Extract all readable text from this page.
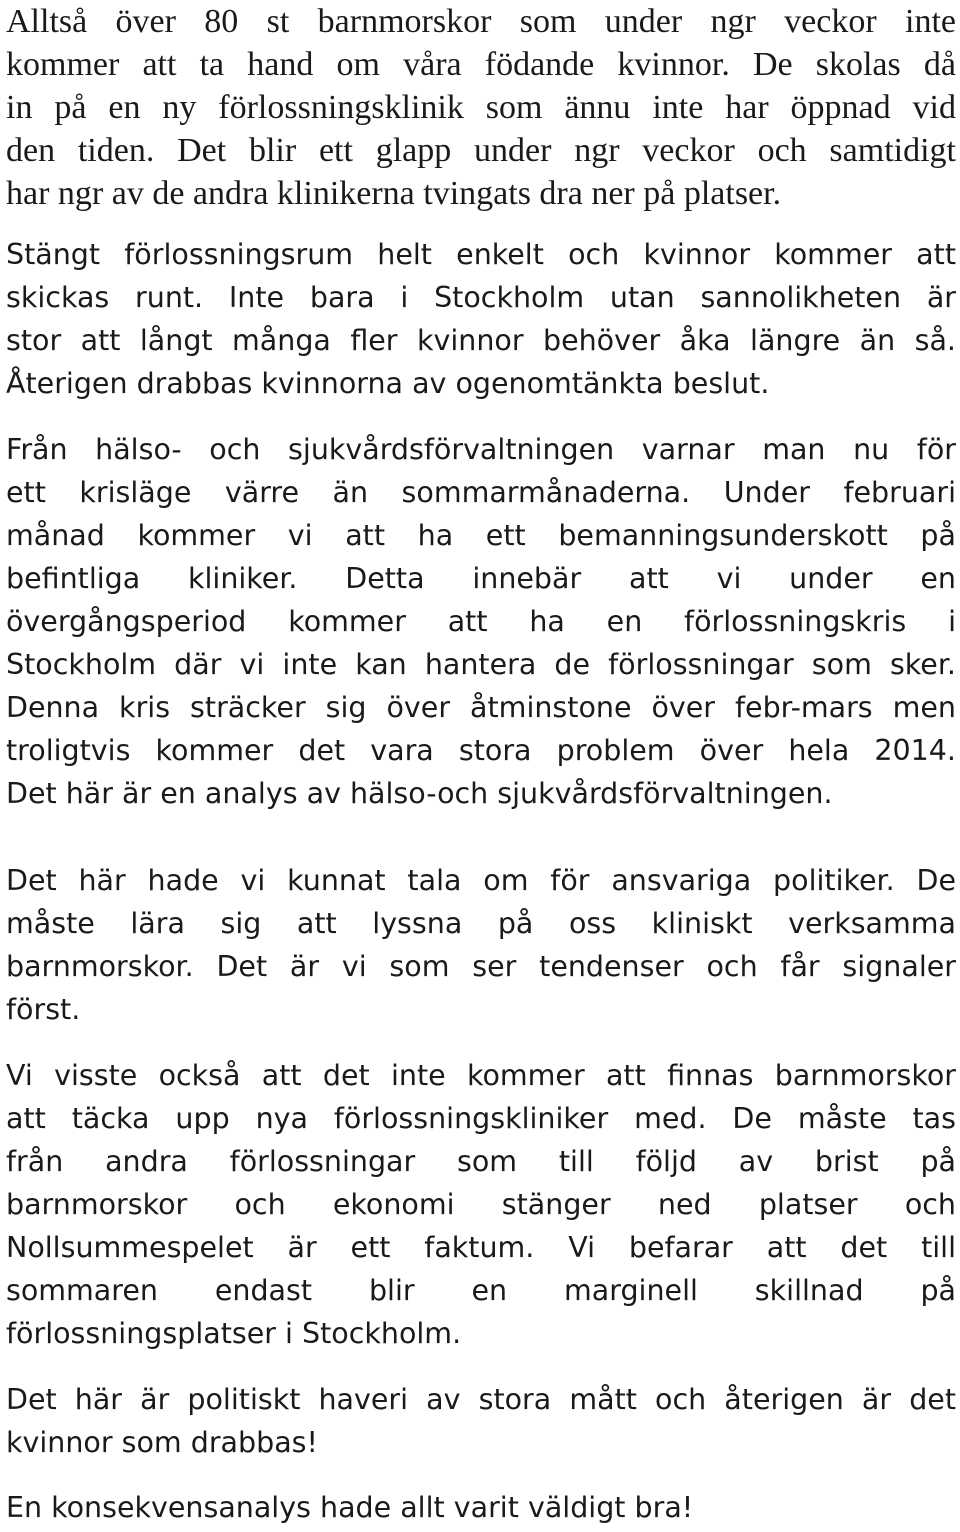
Alltså över 80 st barnmorskor som under ngr veckor inte
kommer att ta hand om våra födande kvinnor. De skolas då
in på en ny förlossningsklinik som ännu inte har öppnad vid
den tiden. Det blir ett glapp under ngr veckor och samtidigt
har ngr av de andra klinikerna tvingats dra ner på platser.
Stängt förlossningsrum helt enkelt och kvinnor kommer att
skickas runt. Inte bara i Stockholm utan sannolikheten är
stor att långt många fler kvinnor behöver åka längre än så.
Återigen drabbas kvinnorna av ogenomtänkta beslut.
Från hälso- och sjukvårdsförvaltningen varnar man nu för
ett krisläge värre än sommarmånaderna. Under februari
månad kommer vi att ha ett bemanningsunderskott på
befintliga kliniker. Detta innebär att vi under en
övergångsperiod kommer att ha en förlossningskris i
Stockholm där vi inte kan hantera de förlossningar som sker.
Denna kris sträcker sig över åtminstone över febr-mars men
troligtvis kommer det vara stora problem över hela 2014.
Det här är en analys av hälso-och sjukvårdsförvaltningen.
Det här hade vi kunnat tala om för ansvariga politiker. De
måste lära sig att lyssna på oss kliniskt verksamma
barnmorskor. Det är vi som ser tendenser och får signaler
först.
Vi visste också att det inte kommer att finnas barnmorskor
att täcka upp nya förlossningskliniker med. De måste tas
från andra förlossningar som till följd av brist på
barnmorskor och ekonomi stänger ned platser och
Nollsummespelet är ett faktum. Vi befarar att det till
sommaren endast blir en marginell skillnad på
förlossningsplatser i Stockholm.
Det här är politiskt haveri av stora mått och återigen är det
kvinnor som drabbas!
En konsekvensanalys hade allt varit väldigt bra!
